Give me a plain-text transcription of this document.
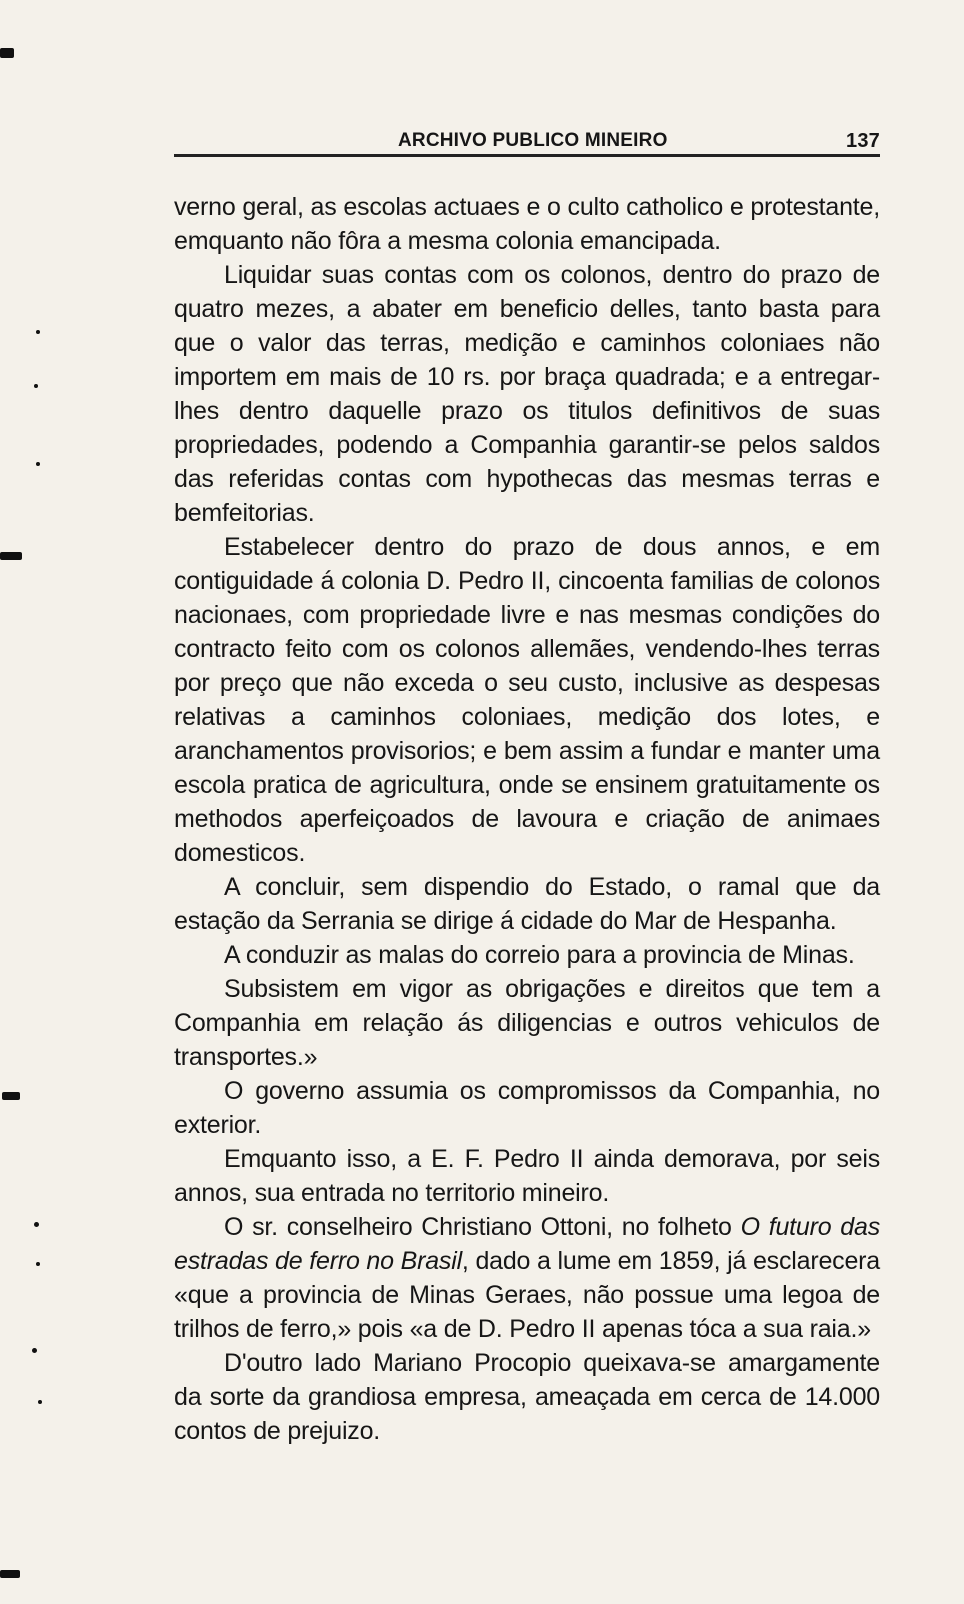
ARCHIVO PUBLICO MINEIRO	137

verno geral, as escolas actuaes e o culto catholico e protestante, emquanto não fôra a mesma colonia emancipada.

Liquidar suas contas com os colonos, dentro do prazo de quatro mezes, a abater em beneficio delles, tanto basta para que o valor das terras, medição e caminhos coloniaes não importem em mais de 10 rs. por braça quadrada; e a entregar-lhes dentro daquelle prazo os titulos definitivos de suas propriedades, podendo a Companhia garantir-se pelos saldos das referidas contas com hypothecas das mesmas terras e bemfeitorias.

Estabelecer dentro do prazo de dous annos, e em contiguidade á colonia D. Pedro II, cincoenta familias de colonos nacionaes, com propriedade livre e nas mesmas condições do contracto feito com os colonos allemães, vendendo-lhes terras por preço que não exceda o seu custo, inclusive as despesas relativas a caminhos coloniaes, medição dos lotes, e aranchamentos provisorios; e bem assim a fundar e manter uma escola pratica de agricultura, onde se ensinem gratuitamente os methodos aperfeiçoados de lavoura e criação de animaes domesticos.

A concluir, sem dispendio do Estado, o ramal que da estação da Serrania se dirige á cidade do Mar de Hespanha.

A conduzir as malas do correio para a provincia de Minas.

Subsistem em vigor as obrigações e direitos que tem a Companhia em relação ás diligencias e outros vehiculos de transportes.»

O governo assumia os compromissos da Companhia, no exterior.

Emquanto isso, a E. F. Pedro II ainda demorava, por seis annos, sua entrada no territorio mineiro.

O sr. conselheiro Christiano Ottoni, no folheto O futuro das estradas de ferro no Brasil, dado a lume em 1859, já esclarecera «que a provincia de Minas Geraes, não possue uma legoa de trilhos de ferro,» pois «a de D. Pedro II apenas tóca a sua raia.»

D'outro lado Mariano Procopio queixava-se amargamente da sorte da grandiosa empresa, ameaçada em cerca de 14.000 contos de prejuizo.
